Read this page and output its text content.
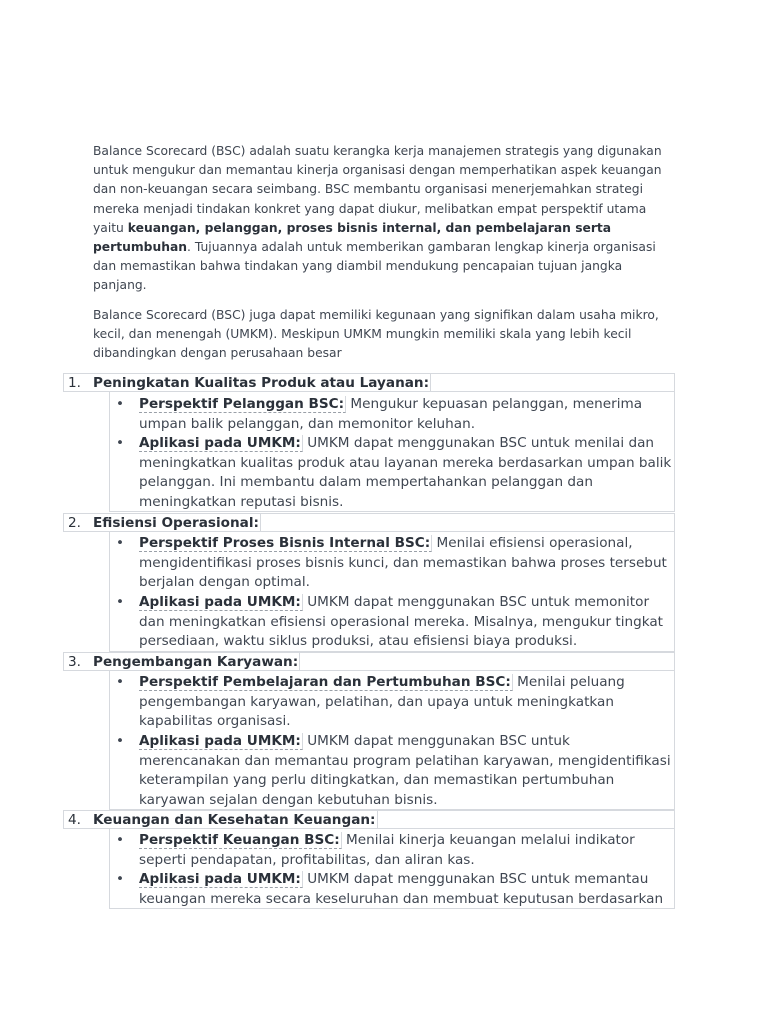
Balance Scorecard (BSC) adalah suatu kerangka kerja manajemen strategis yang digunakan untuk mengukur dan memantau kinerja organisasi dengan memperhatikan aspek keuangan dan non-keuangan secara seimbang. BSC membantu organisasi menerjemahkan strategi mereka menjadi tindakan konkret yang dapat diukur, melibatkan empat perspektif utama yaitu keuangan, pelanggan, proses bisnis internal, dan pembelajaran serta pertumbuhan. Tujuannya adalah untuk memberikan gambaran lengkap kinerja organisasi dan memastikan bahwa tindakan yang diambil mendukung pencapaian tujuan jangka panjang.

Balance Scorecard (BSC) juga dapat memiliki kegunaan yang signifikan dalam usaha mikro, kecil, dan menengah (UMKM). Meskipun UMKM mungkin memiliki skala yang lebih kecil dibandingkan dengan perusahaan besar

1. Peningkatan Kualitas Produk atau Layanan:
• Perspektif Pelanggan BSC: Mengukur kepuasan pelanggan, menerima umpan balik pelanggan, dan memonitor keluhan.
• Aplikasi pada UMKM: UMKM dapat menggunakan BSC untuk menilai dan meningkatkan kualitas produk atau layanan mereka berdasarkan umpan balik pelanggan. Ini membantu dalam mempertahankan pelanggan dan meningkatkan reputasi bisnis.
2. Efisiensi Operasional:
• Perspektif Proses Bisnis Internal BSC: Menilai efisiensi operasional, mengidentifikasi proses bisnis kunci, dan memastikan bahwa proses tersebut berjalan dengan optimal.
• Aplikasi pada UMKM: UMKM dapat menggunakan BSC untuk memonitor dan meningkatkan efisiensi operasional mereka. Misalnya, mengukur tingkat persediaan, waktu siklus produksi, atau efisiensi biaya produksi.
3. Pengembangan Karyawan:
• Perspektif Pembelajaran dan Pertumbuhan BSC: Menilai peluang pengembangan karyawan, pelatihan, dan upaya untuk meningkatkan kapabilitas organisasi.
• Aplikasi pada UMKM: UMKM dapat menggunakan BSC untuk merencanakan dan memantau program pelatihan karyawan, mengidentifikasi keterampilan yang perlu ditingkatkan, dan memastikan pertumbuhan karyawan sejalan dengan kebutuhan bisnis.
4. Keuangan dan Kesehatan Keuangan:
• Perspektif Keuangan BSC: Menilai kinerja keuangan melalui indikator seperti pendapatan, profitabilitas, dan aliran kas.
• Aplikasi pada UMKM: UMKM dapat menggunakan BSC untuk memantau keuangan mereka secara keseluruhan dan membuat keputusan berdasarkan
